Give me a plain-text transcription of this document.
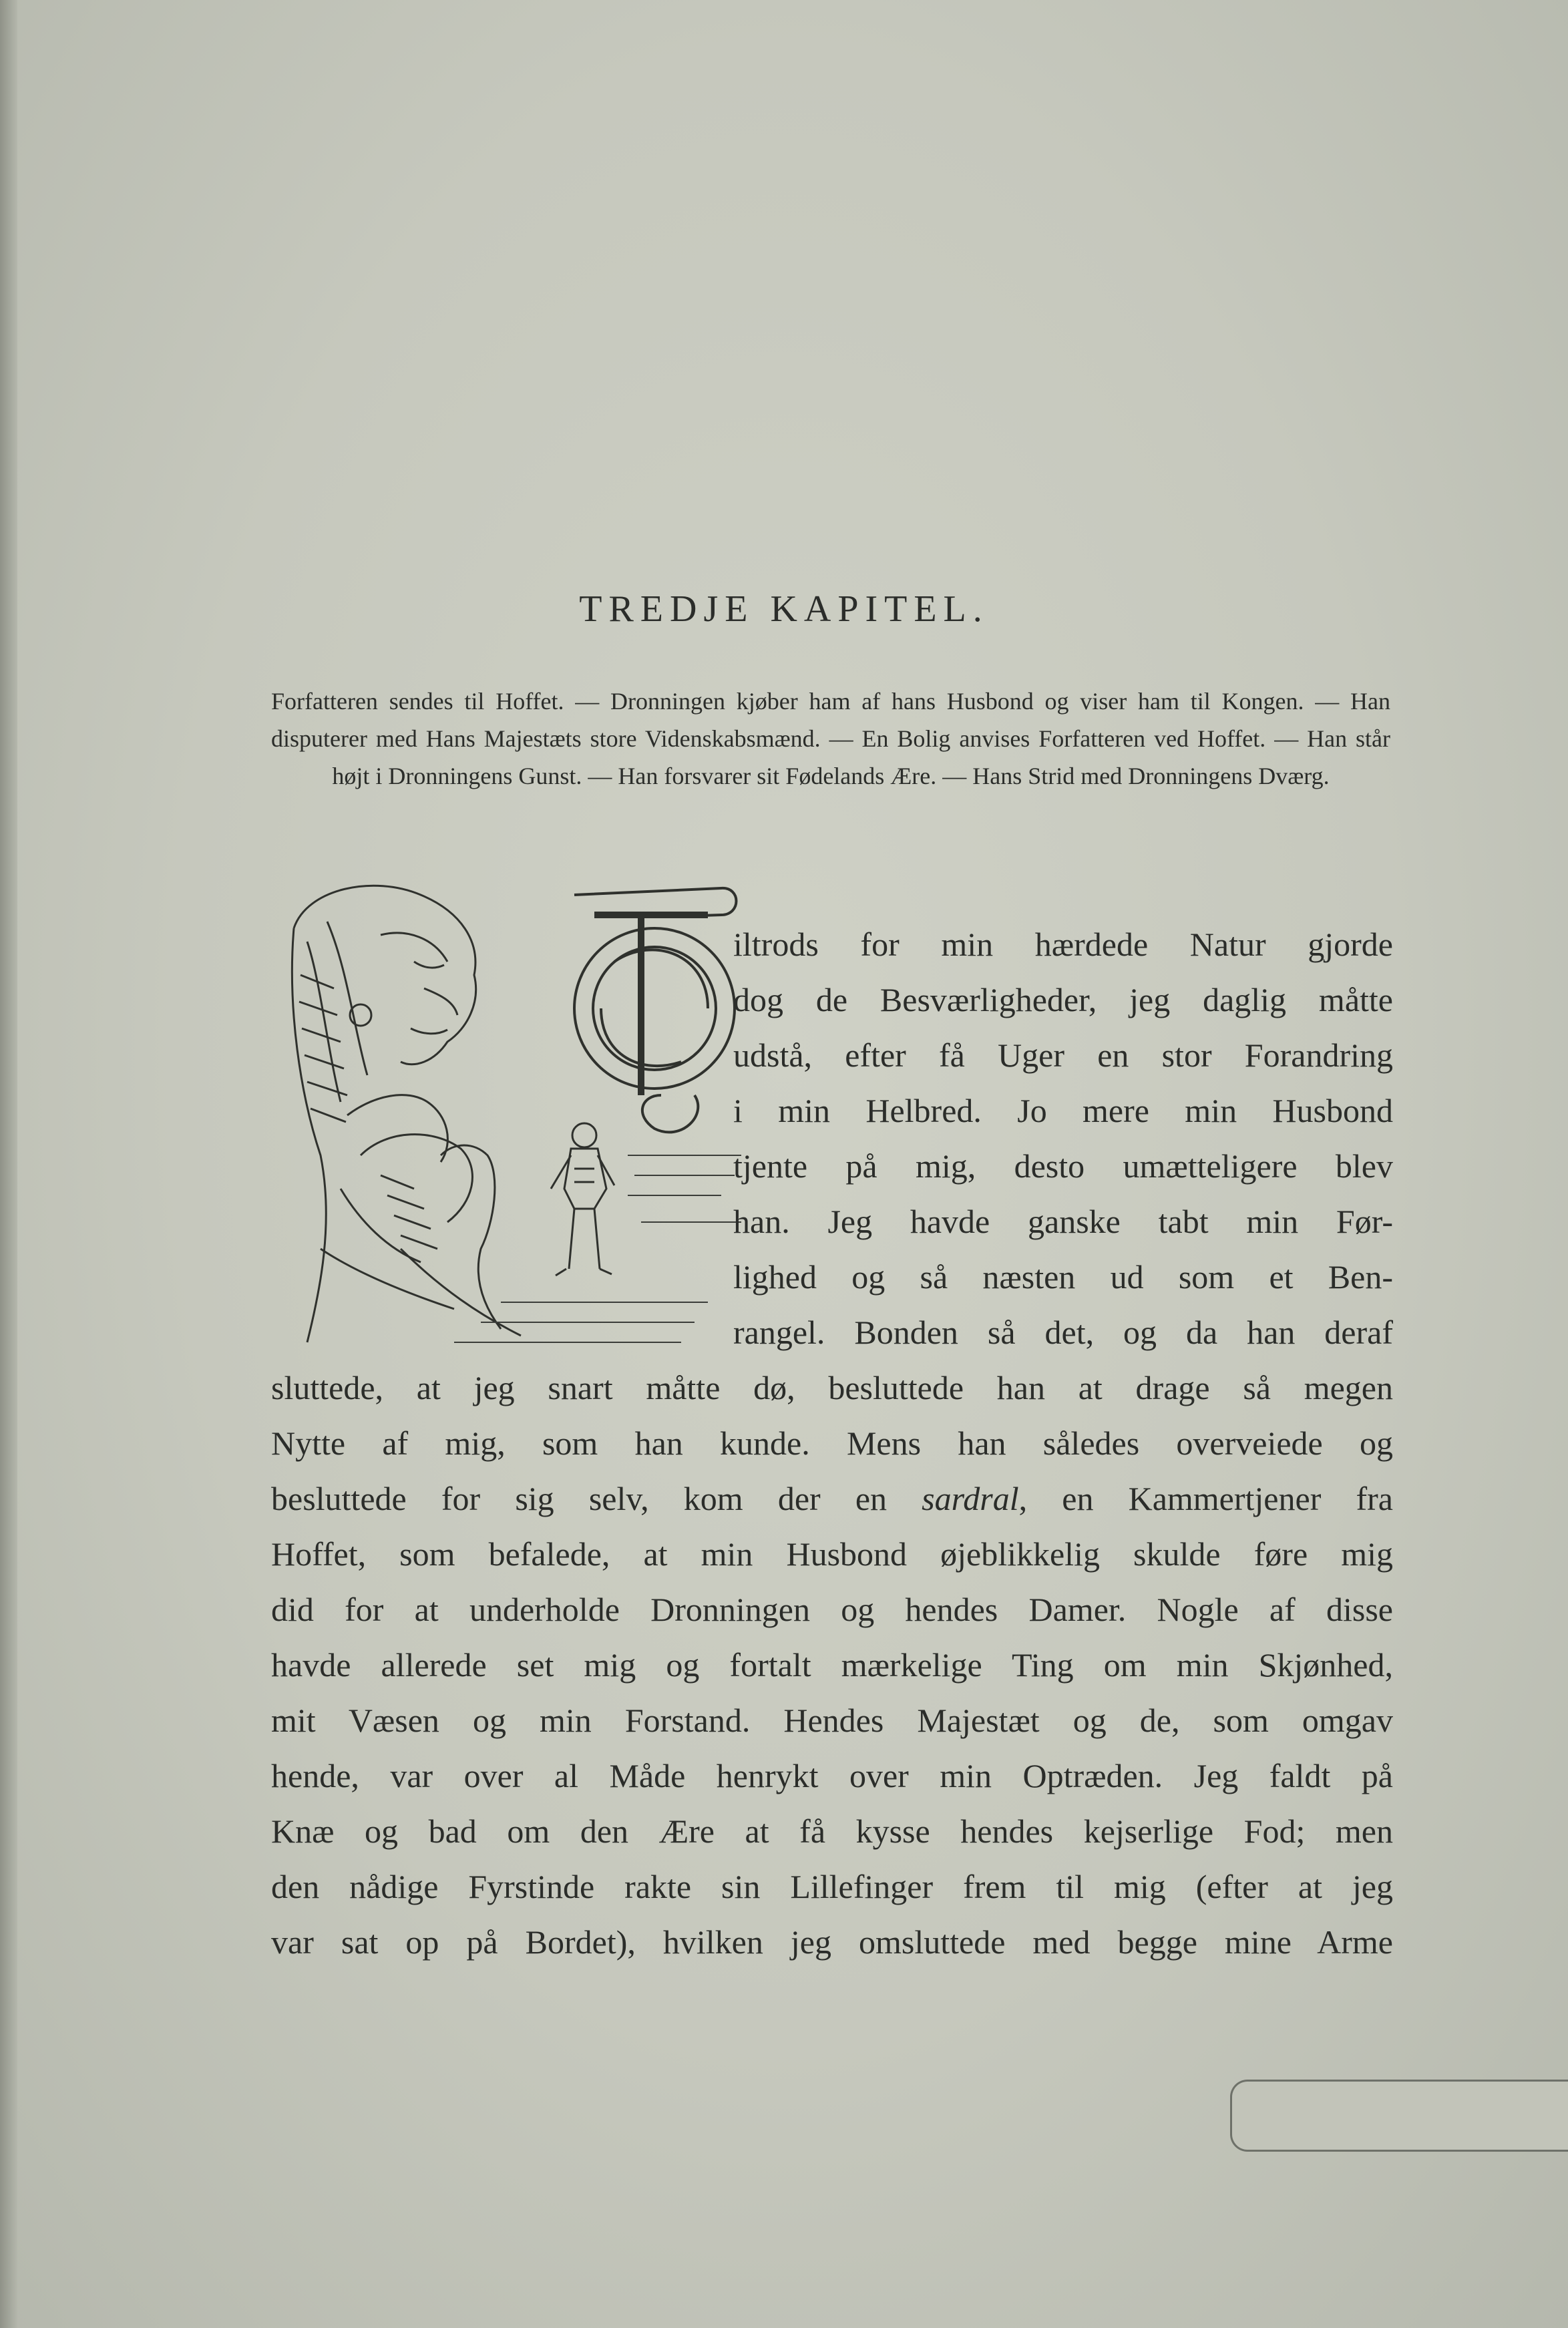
TREDJE KAPITEL.
Forfatteren sendes til Hoffet. — Dronningen kjøber ham af hans Husbond og viser ham til Kongen. — Han disputerer med Hans Majestæts store Videnskabsmænd. — En Bolig anvises Forfatteren ved Hoffet. — Han står højt i Dronningens Gunst. — Han forsvarer sit Fødelands Ære. — Hans Strid med Dronningens Dværg.
iltrods for min hærdede Natur gjorde
dog de Besværligheder, jeg daglig måtte
udstå, efter få Uger en stor Forandring
i min Helbred. Jo mere min Husbond
tjente på mig, desto umætteligere blev
han. Jeg havde ganske tabt min Før-
lighed og så næsten ud som et Ben-
rangel. Bonden så det, og da han deraf
sluttede, at jeg snart måtte dø, besluttede han at drage så megen
Nytte af mig, som han kunde. Mens han således overveiede og
besluttede for sig selv, kom der en sardral, en Kammertjener fra
Hoffet, som befalede, at min Husbond øjeblikkelig skulde føre mig
did for at underholde Dronningen og hendes Damer. Nogle af disse
havde allerede set mig og fortalt mærkelige Ting om min Skjønhed,
mit Væsen og min Forstand. Hendes Majestæt og de, som omgav
hende, var over al Måde henrykt over min Optræden. Jeg faldt på
Knæ og bad om den Ære at få kysse hendes kejserlige Fod; men
den nådige Fyrstinde rakte sin Lillefinger frem til mig (efter at jeg
var sat op på Bordet), hvilken jeg omsluttede med begge mine Arme
